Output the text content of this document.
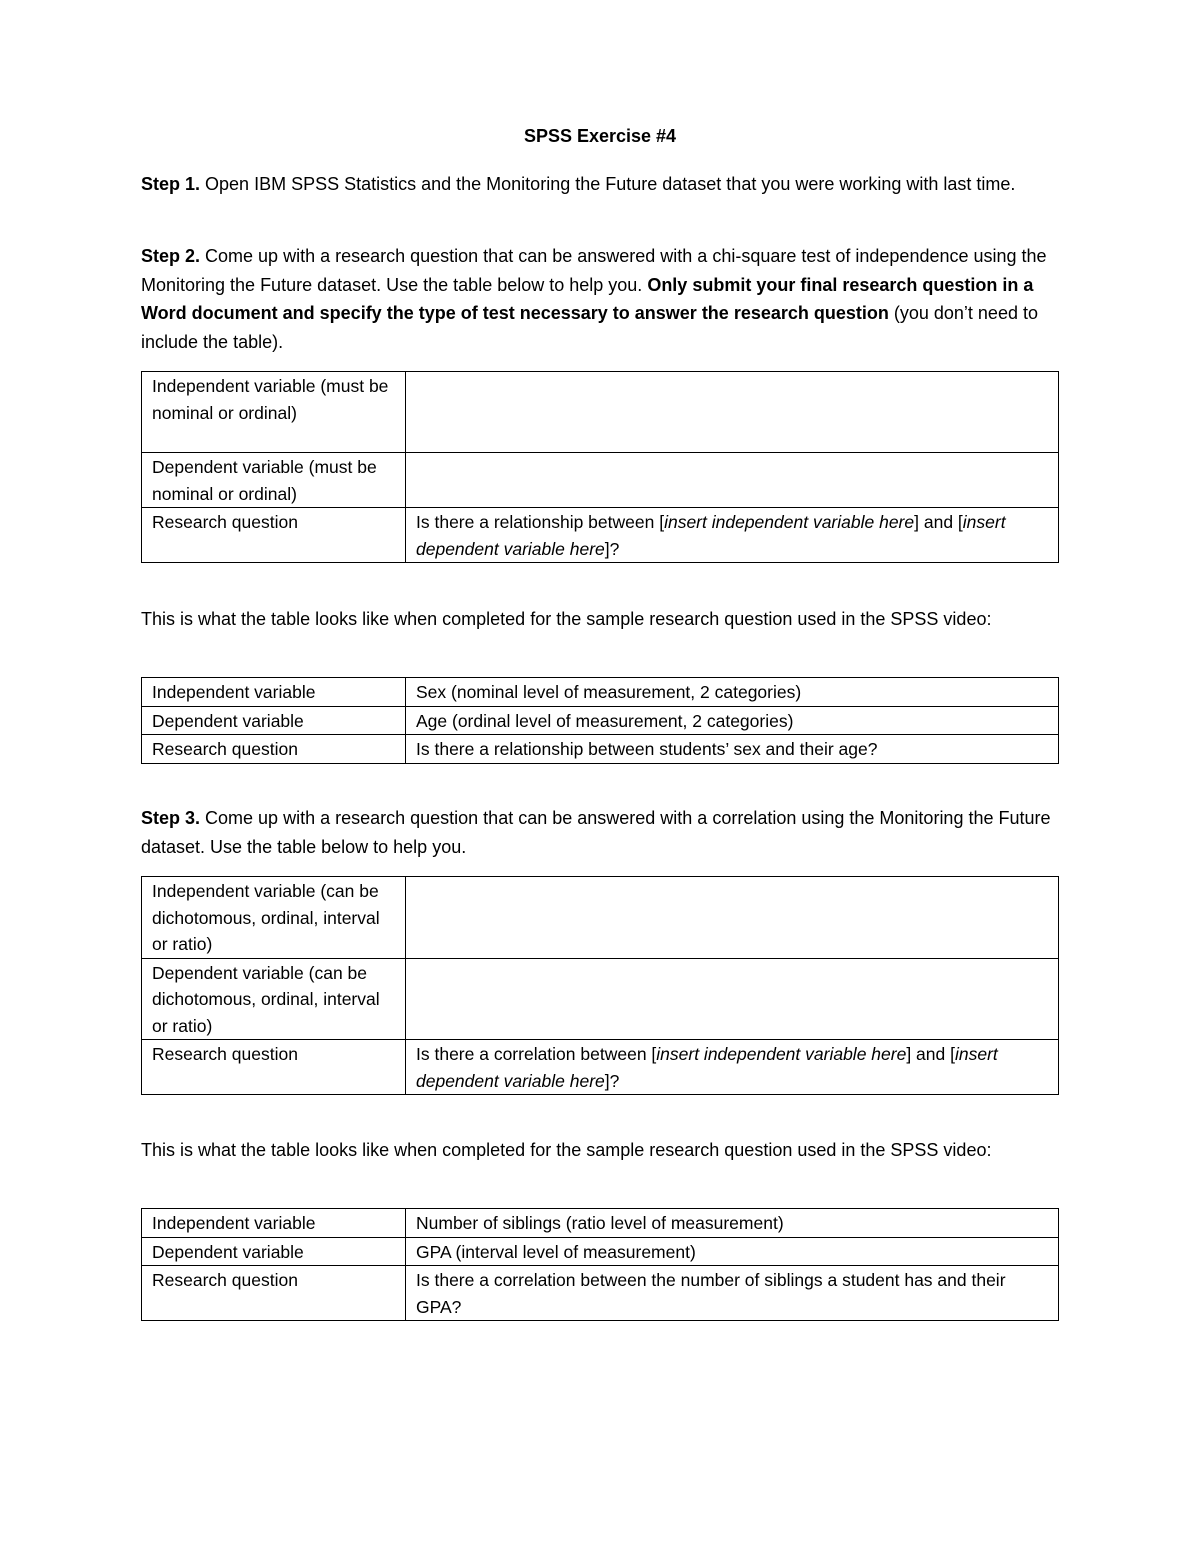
SPSS Exercise #4
Step 1. Open IBM SPSS Statistics and the Monitoring the Future dataset that you were working with last time.
Step 2. Come up with a research question that can be answered with a chi-square test of independence using the Monitoring the Future dataset. Use the table below to help you. Only submit your final research question in a Word document and specify the type of test necessary to answer the research question (you don’t need to include the table).
Independent variable (must be nominal or ordinal)	
Dependent variable (must be nominal or ordinal)	
Research question	Is there a relationship between [insert independent variable here] and [insert dependent variable here]?
This is what the table looks like when completed for the sample research question used in the SPSS video:
Independent variable	Sex (nominal level of measurement, 2 categories)
Dependent variable	Age (ordinal level of measurement, 2 categories)
Research question	Is there a relationship between students’ sex and their age?
Step 3. Come up with a research question that can be answered with a correlation using the Monitoring the Future dataset. Use the table below to help you.
Independent variable (can be dichotomous, ordinal, interval or ratio)	
Dependent variable (can be dichotomous, ordinal, interval or ratio)	
Research question	Is there a correlation between [insert independent variable here] and [insert dependent variable here]?
This is what the table looks like when completed for the sample research question used in the SPSS video:
Independent variable	Number of siblings (ratio level of measurement)
Dependent variable	GPA (interval level of measurement)
Research question	Is there a correlation between the number of siblings a student has and their GPA?
